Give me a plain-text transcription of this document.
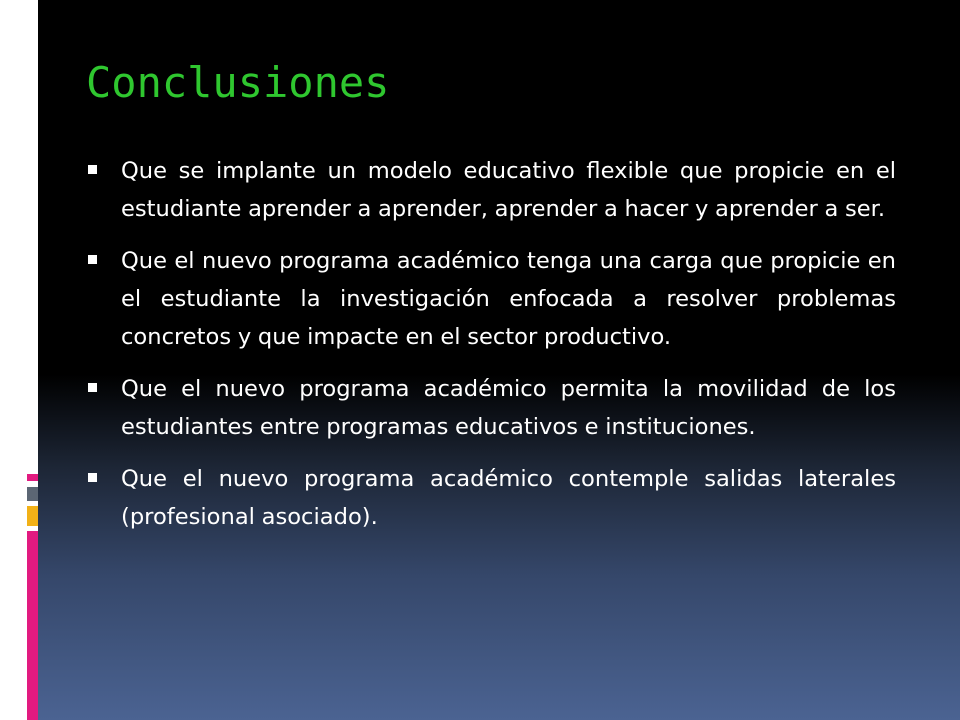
Conclusiones
Que se implante un modelo educativo flexible que propicie en el estudiante aprender a aprender, aprender a hacer y aprender a ser.
Que el nuevo programa académico tenga una carga que propicie en el estudiante la investigación enfocada a resolver problemas concretos y que impacte en el sector productivo.
Que el nuevo programa académico permita la movilidad de los estudiantes entre programas educativos e instituciones.
Que el nuevo programa académico contemple salidas laterales (profesional asociado).
